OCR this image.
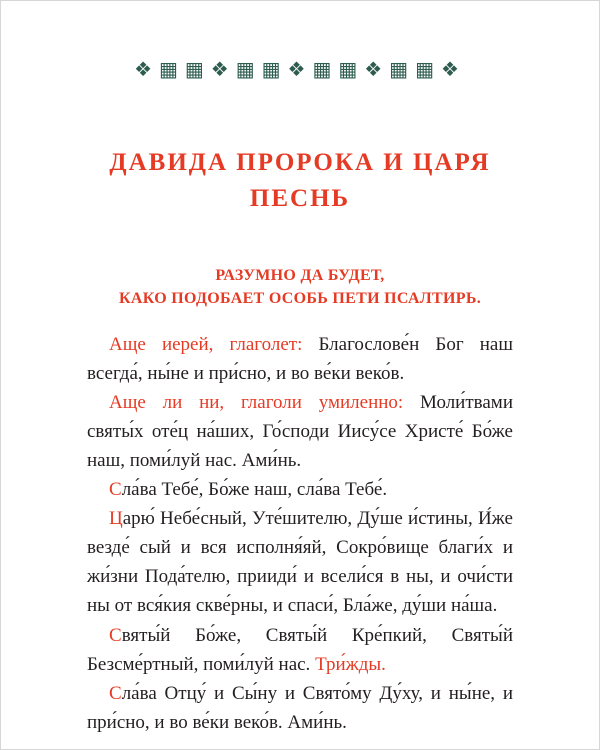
❖▦▦❖▦▦❖▦▦❖▦▦❖
ДАВИДА ПРОРОКА И ЦАРЯ
ПЕСНЬ
РАЗУМНО ДА БУДЕТ,
КАКО ПОДОБАЕТ ОСОБЬ ПЕТИ ПСАЛТИРЬ.

Аще иерей, глаголет: Благослове́н Бог наш всегда́, ны́не и при́сно, и во ве́ки веко́в.

Аще ли ни, глаголи умиленно: Моли́твами святы́х оте́ц на́ших, Го́споди Иису́се Христе́ Бо́же наш, поми́луй нас. Ами́нь.

Сла́ва Тебе́, Бо́же наш, сла́ва Тебе́.

Царю́ Небе́сный, Уте́шителю, Ду́ше и́стины, И́же везде́ сый и вся исполня́яй, Сокро́вище благи́х и жи́зни Пода́телю, прииди́ и всели́ся в ны, и очи́сти ны от вся́кия скве́рны, и спаси́, Бла́же, ду́ши на́ша.

Святы́й Бо́же, Святы́й Кре́пкий, Святы́й Безсме́ртный, поми́луй нас. Три́жды.

Сла́ва Отцу́ и Сы́ну и Свято́му Ду́ху, и ны́не, и при́сно, и во ве́ки веко́в. Ами́нь.
